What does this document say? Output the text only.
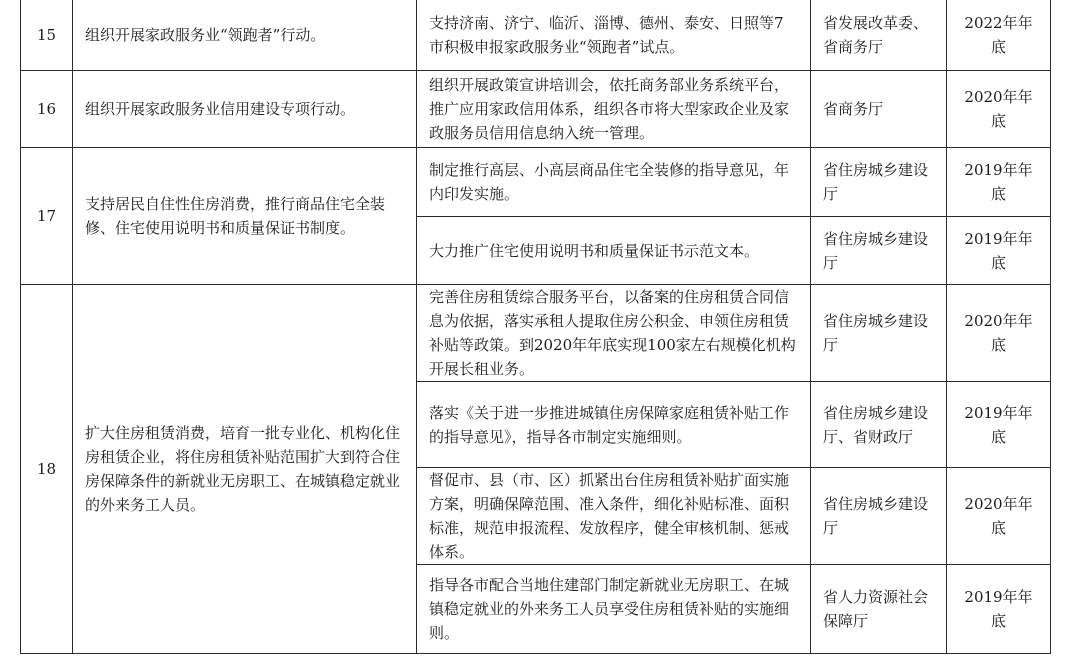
15	组织开展家政服务业“领跑者”行动。	支持济南、济宁、临沂、淄博、德州、泰安、日照等7市积极申报家政服务业“领跑者”试点。	省发展改革委、省商务厅	2022年年底
16	组织开展家政服务业信用建设专项行动。	组织开展政策宣讲培训会，依托商务部业务系统平台，推广应用家政信用体系，组织各市将大型家政企业及家政服务员信用信息纳入统一管理。	省商务厅	2020年年底
17	支持居民自住性住房消费，推行商品住宅全装修、住宅使用说明书和质量保证书制度。	制定推行高层、小高层商品住宅全装修的指导意见，年内印发实施。	省住房城乡建设厅	2019年年底
		大力推广住宅使用说明书和质量保证书示范文本。	省住房城乡建设厅	2019年年底
18	扩大住房租赁消费，培育一批专业化、机构化住房租赁企业，将住房租赁补贴范围扩大到符合住房保障条件的新就业无房职工、在城镇稳定就业的外来务工人员。	完善住房租赁综合服务平台，以备案的住房租赁合同信息为依据，落实承租人提取住房公积金、申领住房租赁补贴等政策。到2020年年底实现100家左右规模化机构开展长租业务。	省住房城乡建设厅	2020年年底
		落实《关于进一步推进城镇住房保障家庭租赁补贴工作的指导意见》，指导各市制定实施细则。	省住房城乡建设厅、省财政厅	2019年年底
		督促市、县（市、区）抓紧出台住房租赁补贴扩面实施方案，明确保障范围、准入条件，细化补贴标准、面积标准，规范申报流程、发放程序，健全审核机制、惩戒体系。	省住房城乡建设厅	2020年年底
		指导各市配合当地住建部门制定新就业无房职工、在城镇稳定就业的外来务工人员享受住房租赁补贴的实施细则。	省人力资源社会保障厅	2019年年底
